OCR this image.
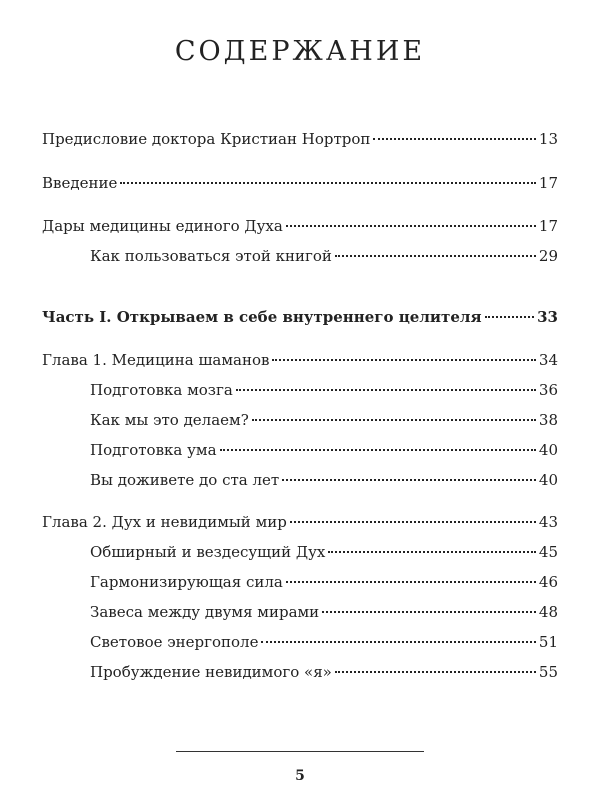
СОДЕРЖАНИЕ
Предисловие доктора Кристиан Нортроп	13
Введение	17
Дары медицины единого Духа	17
Как пользоваться этой книгой	29
Часть I. Открываем в себе внутреннего целителя	33
Глава 1. Медицина шаманов	34
Подготовка мозга	36
Как мы это делаем?	38
Подготовка ума	40
Вы доживете до ста лет	40
Глава 2. Дух и невидимый мир	43
Обширный и вездесущий Дух	45
Гармонизирующая сила	46
Завеса между двумя мирами	48
Световое энергополе	51
Пробуждение невидимого «я»	55
5
